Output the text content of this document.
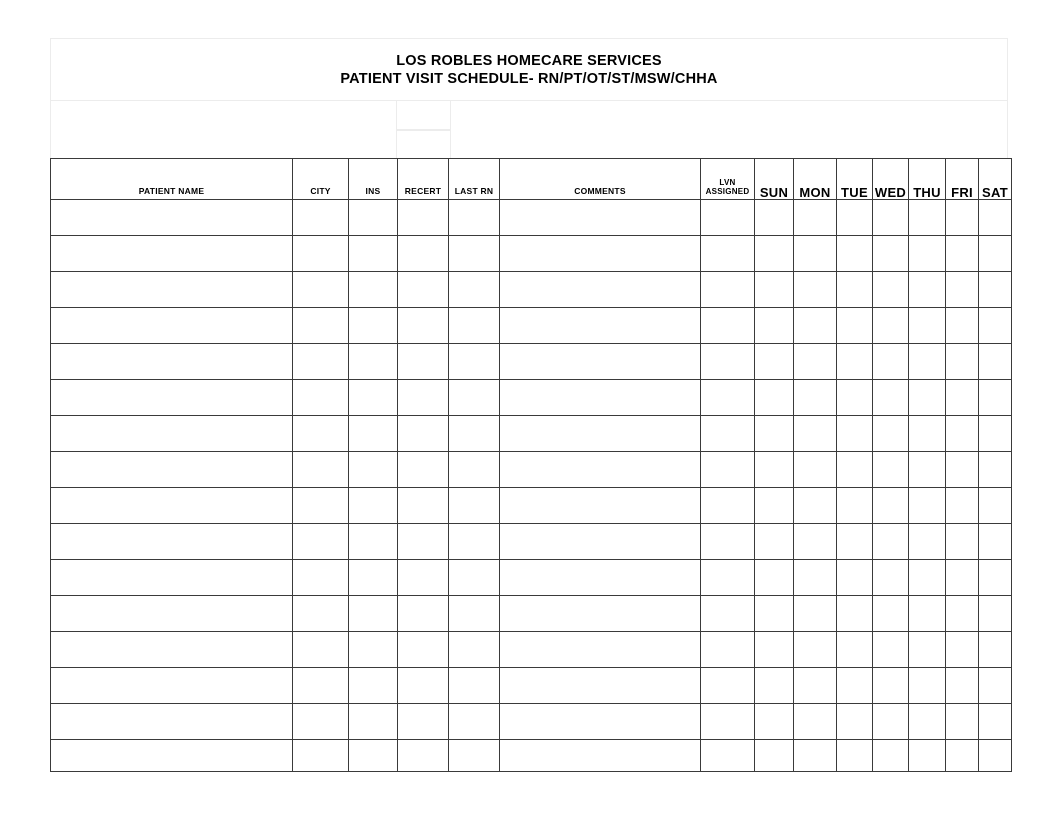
LOS ROBLES HOMECARE SERVICES
PATIENT VISIT SCHEDULE- RN/PT/OT/ST/MSW/CHHA
PATIENT NAME	CITY	INS	RECERT	LAST RN	COMMENTS	LVN
ASSIGNED	SUN	MON	TUE	WED	THU	FRI	SAT
